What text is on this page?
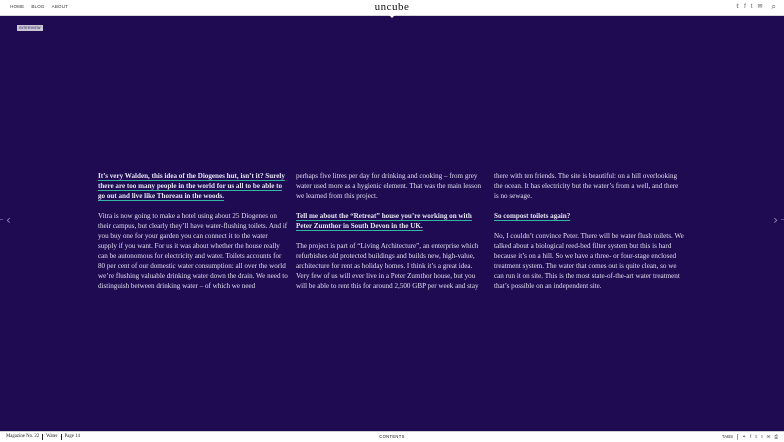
HOME BLOG ABOUT	uncube	𝕥 f t ✉ ⌕
INTERVIEW
‹	›

It’s very Walden, this idea of the Diogenes hut, isn’t it? Surely there are too many people in the world for us all to be able to go out and live like Thoreau in the woods.

Vitra is now going to make a hotel using about 25 Diogenes on their campus, but clearly they’ll have water-flushing toilets. And if you buy one for your garden you can connect it to the water supply if you want. For us it was about whether the house really can be autonomous for electricity and water. Toilets accounts for 80 per cent of our domestic water consumption: all over the world we’re flushing valuable drinking water down the drain. We need to distinguish between drinking water – of which we need

perhaps five litres per day for drinking and cooking – from grey water used more as a hygienic element. That was the main lesson we learned from this project.

Tell me about the “Retreat” house you’re working on with Peter Zumthor in South Devon in the UK.

The project is part of “Living Architecture”, an enterprise which refurbishes old protected buildings and builds new, high-value, architecture for rent as holiday homes. I think it’s a great idea. Very few of us will ever live in a Peter Zumthor house, but you will be able to rent this for around 2,500 GBP per week and stay

there with ten friends. The site is beautiful: on a hill overlooking the ocean. It has electricity but the water’s from a well, and there is no sewage.

So compost toilets again?

No, I couldn’t convince Peter. There will be water flush toilets. We talked about a biological reed-bed filter system but this is hard because it’s on a hill. So we have a three- or four-stage enclosed treatment system. The water that comes out is quite clean, so we can run it on site. This is the most state-of-the-art water treatment that’s possible on an independent site.

Magazine No. 22 Water Page 14	CONTENTS	TABS ⚭ f 𝕥 t ✉ ⎙
